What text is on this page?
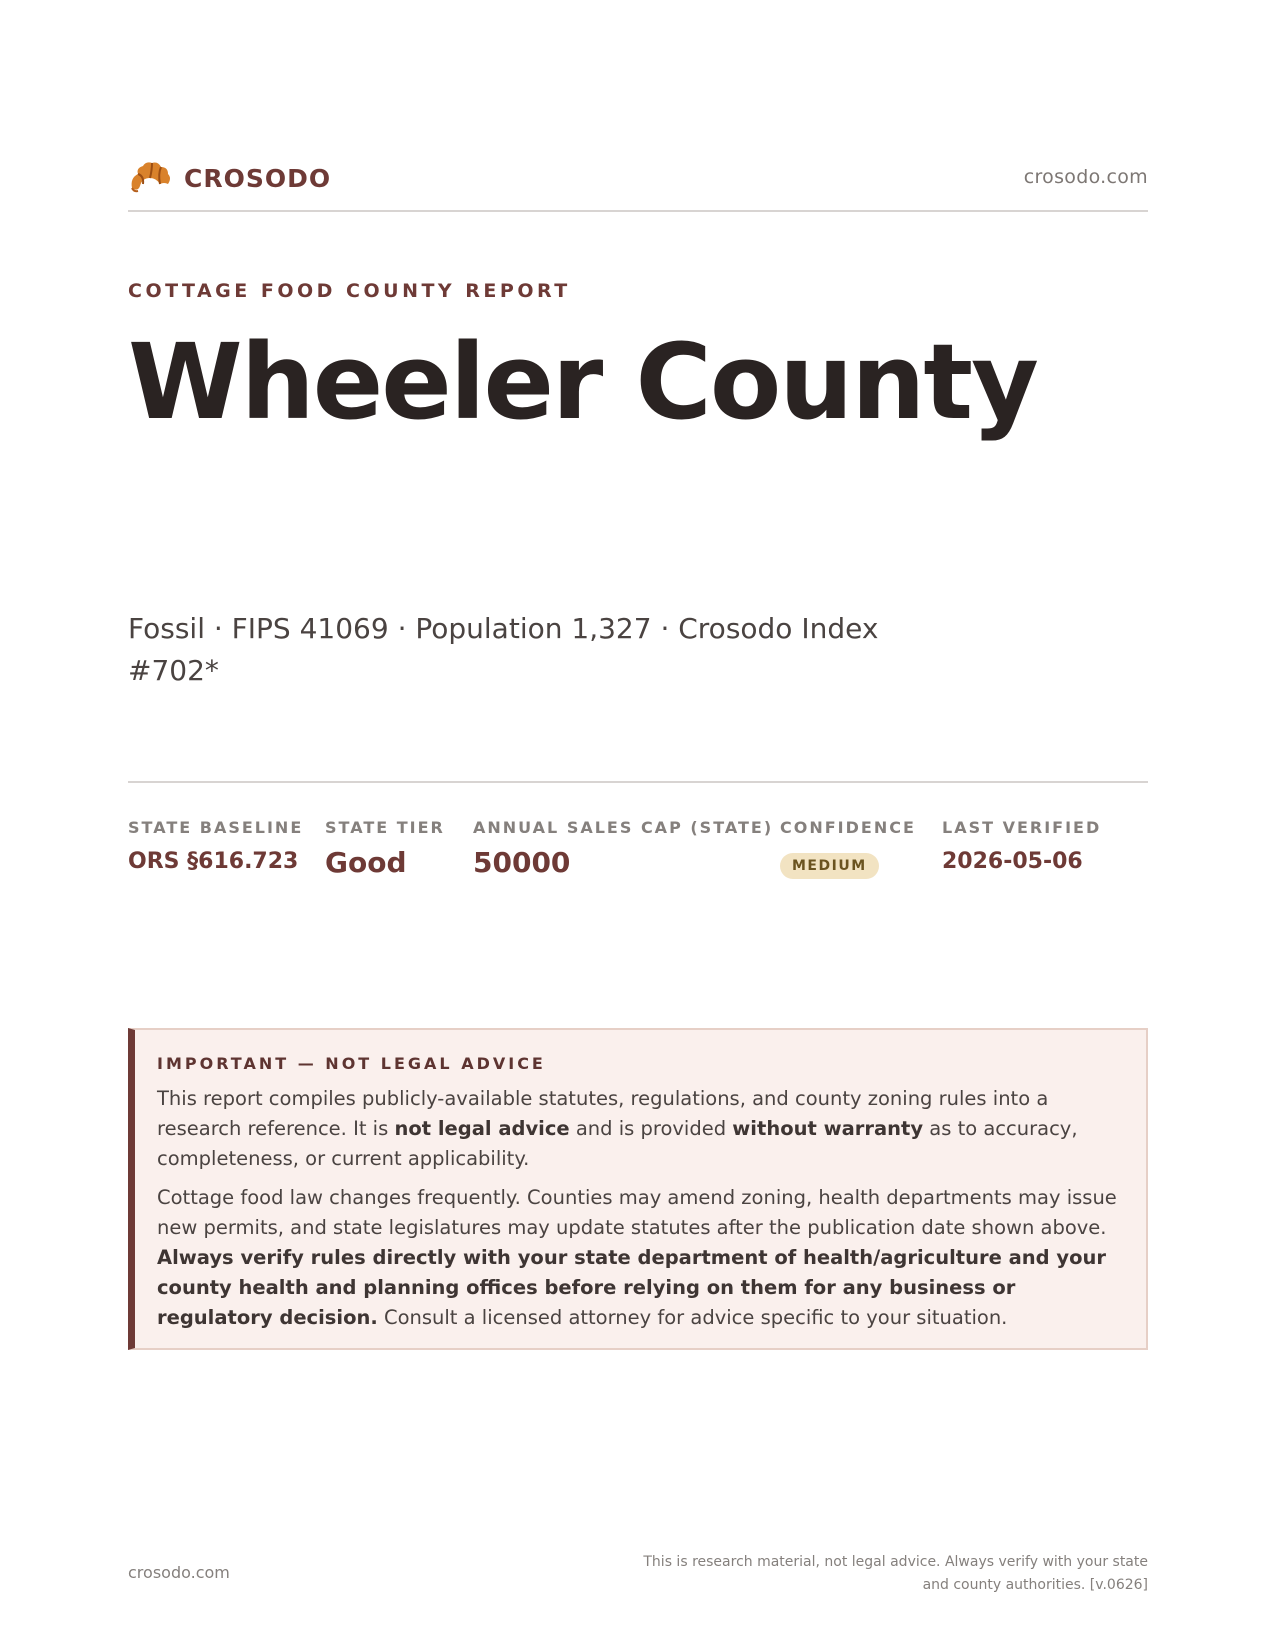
CROSODO	crosodo.com
COTTAGE FOOD COUNTY REPORT
Wheeler County
Fossil · FIPS 41069 · Population 1,327 · Crosodo Index #702*
STATE BASELINE
ORS §616.723
STATE TIER
Good
ANNUAL SALES CAP (STATE)
50000
CONFIDENCE
MEDIUM
LAST VERIFIED
2026-05-06
IMPORTANT — NOT LEGAL ADVICE

This report compiles publicly-available statutes, regulations, and county zoning rules into a research reference. It is not legal advice and is provided without warranty as to accuracy, completeness, or current applicability.

Cottage food law changes frequently. Counties may amend zoning, health departments may issue new permits, and state legislatures may update statutes after the publication date shown above. Always verify rules directly with your state department of health/agriculture and your county health and planning offices before relying on them for any business or regulatory decision. Consult a licensed attorney for advice specific to your situation.

crosodo.com
This is research material, not legal advice. Always verify with your state and county authorities. [v.0626]
